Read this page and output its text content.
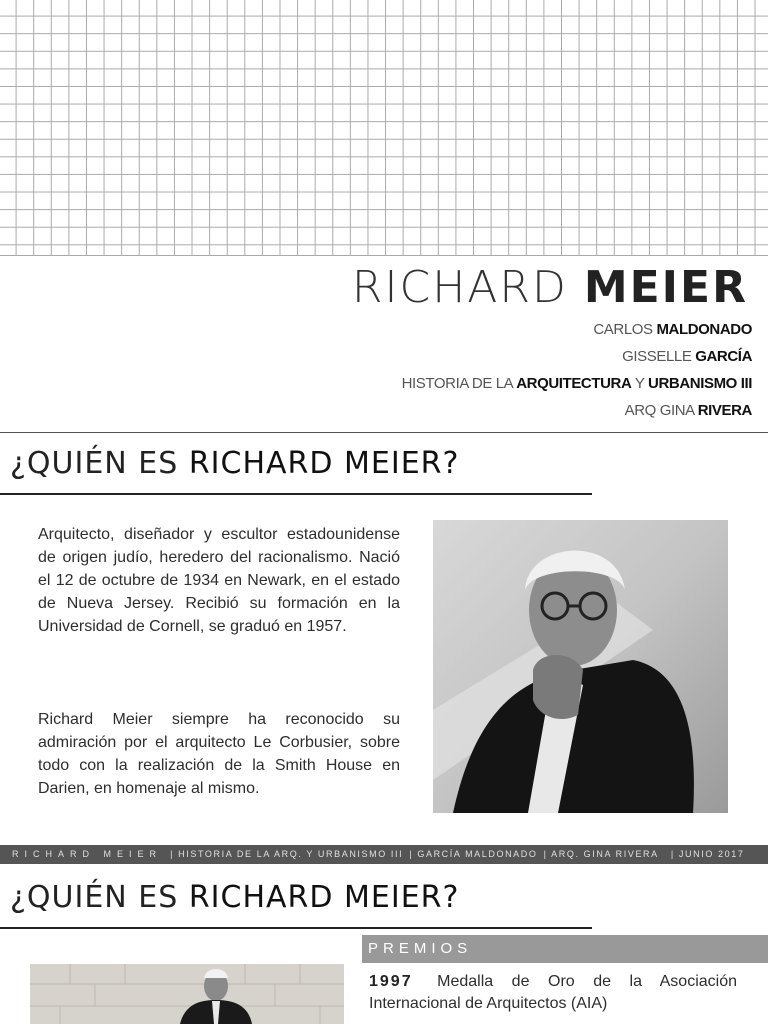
RICHARD MEIER
CARLOS MALDONADO
GISSELLE GARCÍA
HISTORIA DE LA ARQUITECTURA Y URBANISMO III
ARQ GINA RIVERA
¿QUIÉN ES RICHARD MEIER?
Arquitecto, diseñador y escultor estadounidense de origen judío, heredero del racionalismo. Nació el 12 de octubre de 1934 en Newark, en el estado de Nueva Jersey. Recibió su formación en la Universidad de Cornell, se graduó en 1957.
Richard Meier siempre ha reconocido su admiración por el arquitecto Le Corbusier, sobre todo con la realización de la Smith House en Darien, en homenaje al mismo.
RICHARD MEIER | HISTORIA DE LA ARQ. Y URBANISMO III | GARCÍA MALDONADO | ARQ. GINA RIVERA | JUNIO 2017
¿QUIÉN ES RICHARD MEIER?
PREMIOS
1997 Medalla de Oro de la Asociación Internacional de Arquitectos (AIA)
